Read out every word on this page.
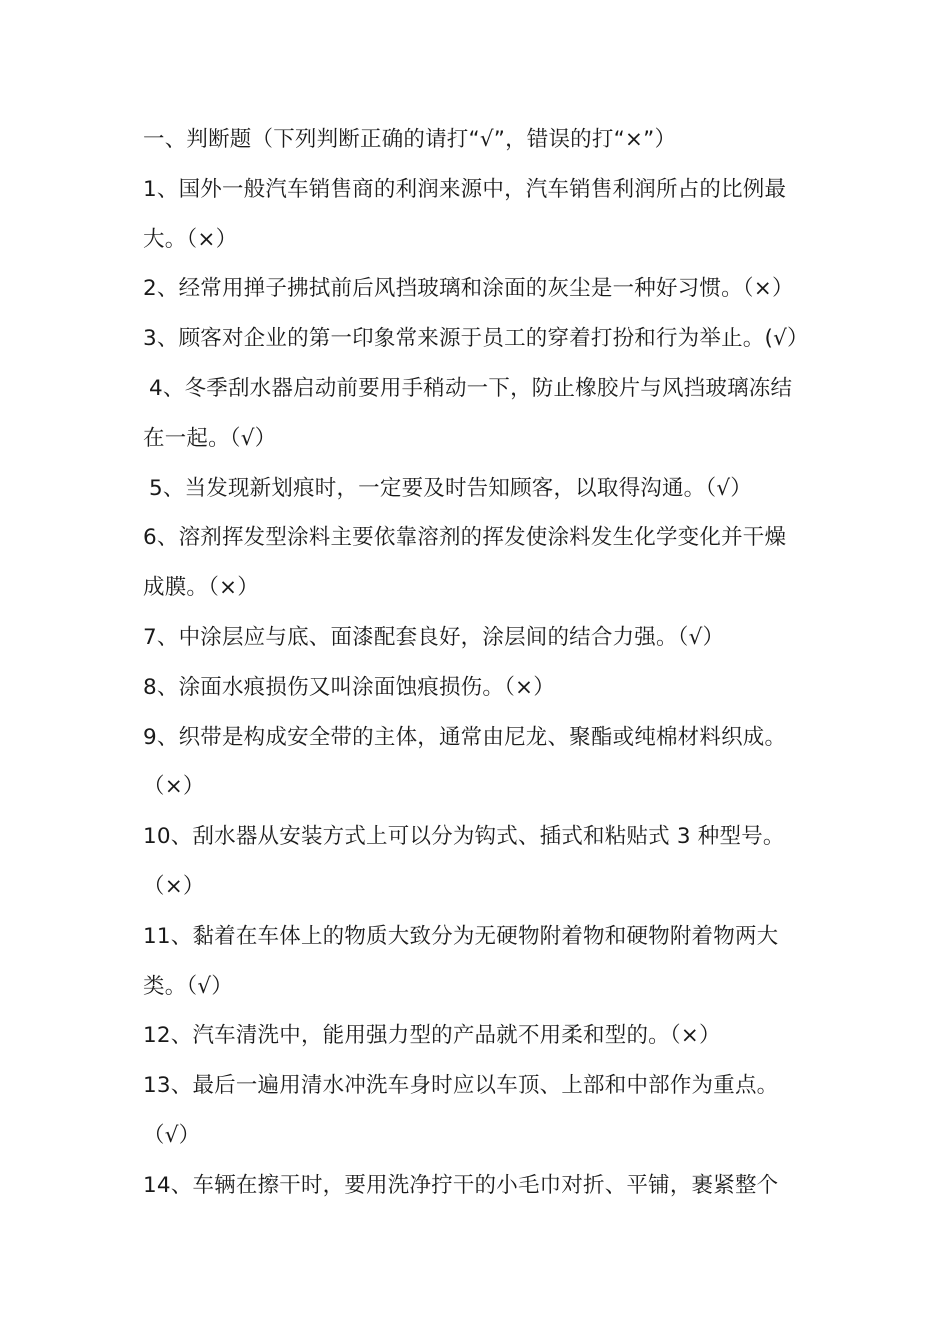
一、判断题（下列判断正确的请打“√”，错误的打“×”）
1、国外一般汽车销售商的利润来源中，汽车销售利润所占的比例最
大。（×）
2、经常用掸子拂拭前后风挡玻璃和涂面的灰尘是一种好习惯。（×）
3、顾客对企业的第一印象常来源于员工的穿着打扮和行为举止。(√）
4、冬季刮水器启动前要用手稍动一下，防止橡胶片与风挡玻璃冻结
在一起。（√）
5、当发现新划痕时，一定要及时告知顾客，以取得沟通。（√）
6、溶剂挥发型涂料主要依靠溶剂的挥发使涂料发生化学变化并干燥
成膜。（×）
7、中涂层应与底、面漆配套良好，涂层间的结合力强。（√）
8、涂面水痕损伤又叫涂面蚀痕损伤。（×）
9、织带是构成安全带的主体，通常由尼龙、聚酯或纯棉材料织成。
（×）
10、刮水器从安装方式上可以分为钩式、插式和粘贴式 3 种型号。
（×）
11、黏着在车体上的物质大致分为无硬物附着物和硬物附着物两大
类。（√）
12、汽车清洗中，能用强力型的产品就不用柔和型的。（×）
13、最后一遍用清水冲洗车身时应以车顶、上部和中部作为重点。
（√）
14、车辆在擦干时，要用洗净拧干的小毛巾对折、平铺，裹紧整个
